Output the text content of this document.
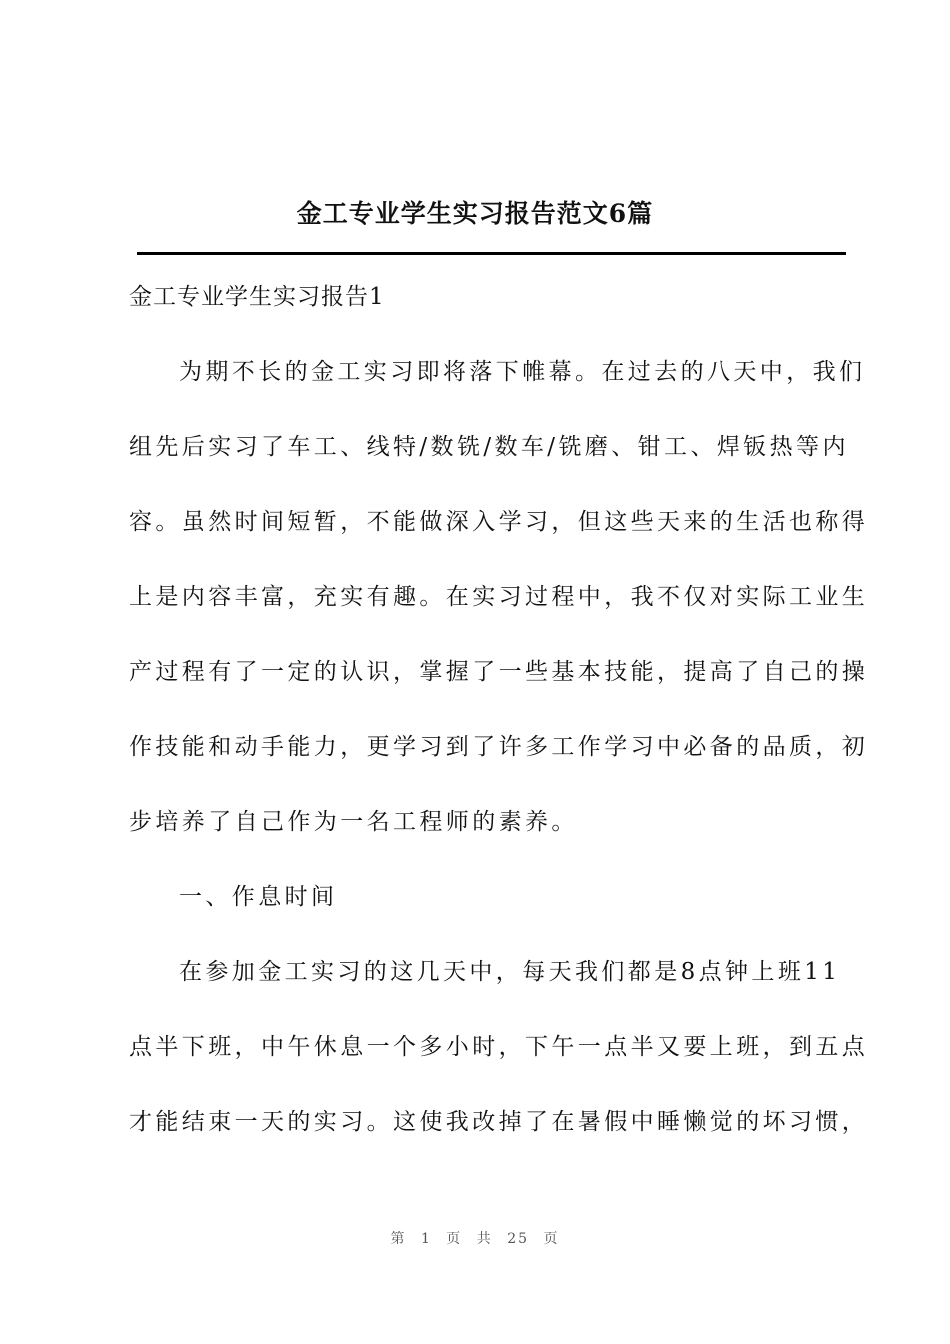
金工专业学生实习报告范文6篇
金工专业学生实习报告1
为期不长的金工实习即将落下帷幕。在过去的八天中，我们
组先后实习了车工、线特/数铣/数车/铣磨、钳工、焊钣热等内
容。虽然时间短暂，不能做深入学习，但这些天来的生活也称得
上是内容丰富，充实有趣。在实习过程中，我不仅对实际工业生
产过程有了一定的认识，掌握了一些基本技能，提高了自己的操
作技能和动手能力，更学习到了许多工作学习中必备的品质，初
步培养了自己作为一名工程师的素养。
一、作息时间
在参加金工实习的这几天中，每天我们都是8点钟上班11
点半下班，中午休息一个多小时，下午一点半又要上班，到五点
才能结束一天的实习。这使我改掉了在暑假中睡懒觉的坏习惯，
第 1 页 共 25 页
